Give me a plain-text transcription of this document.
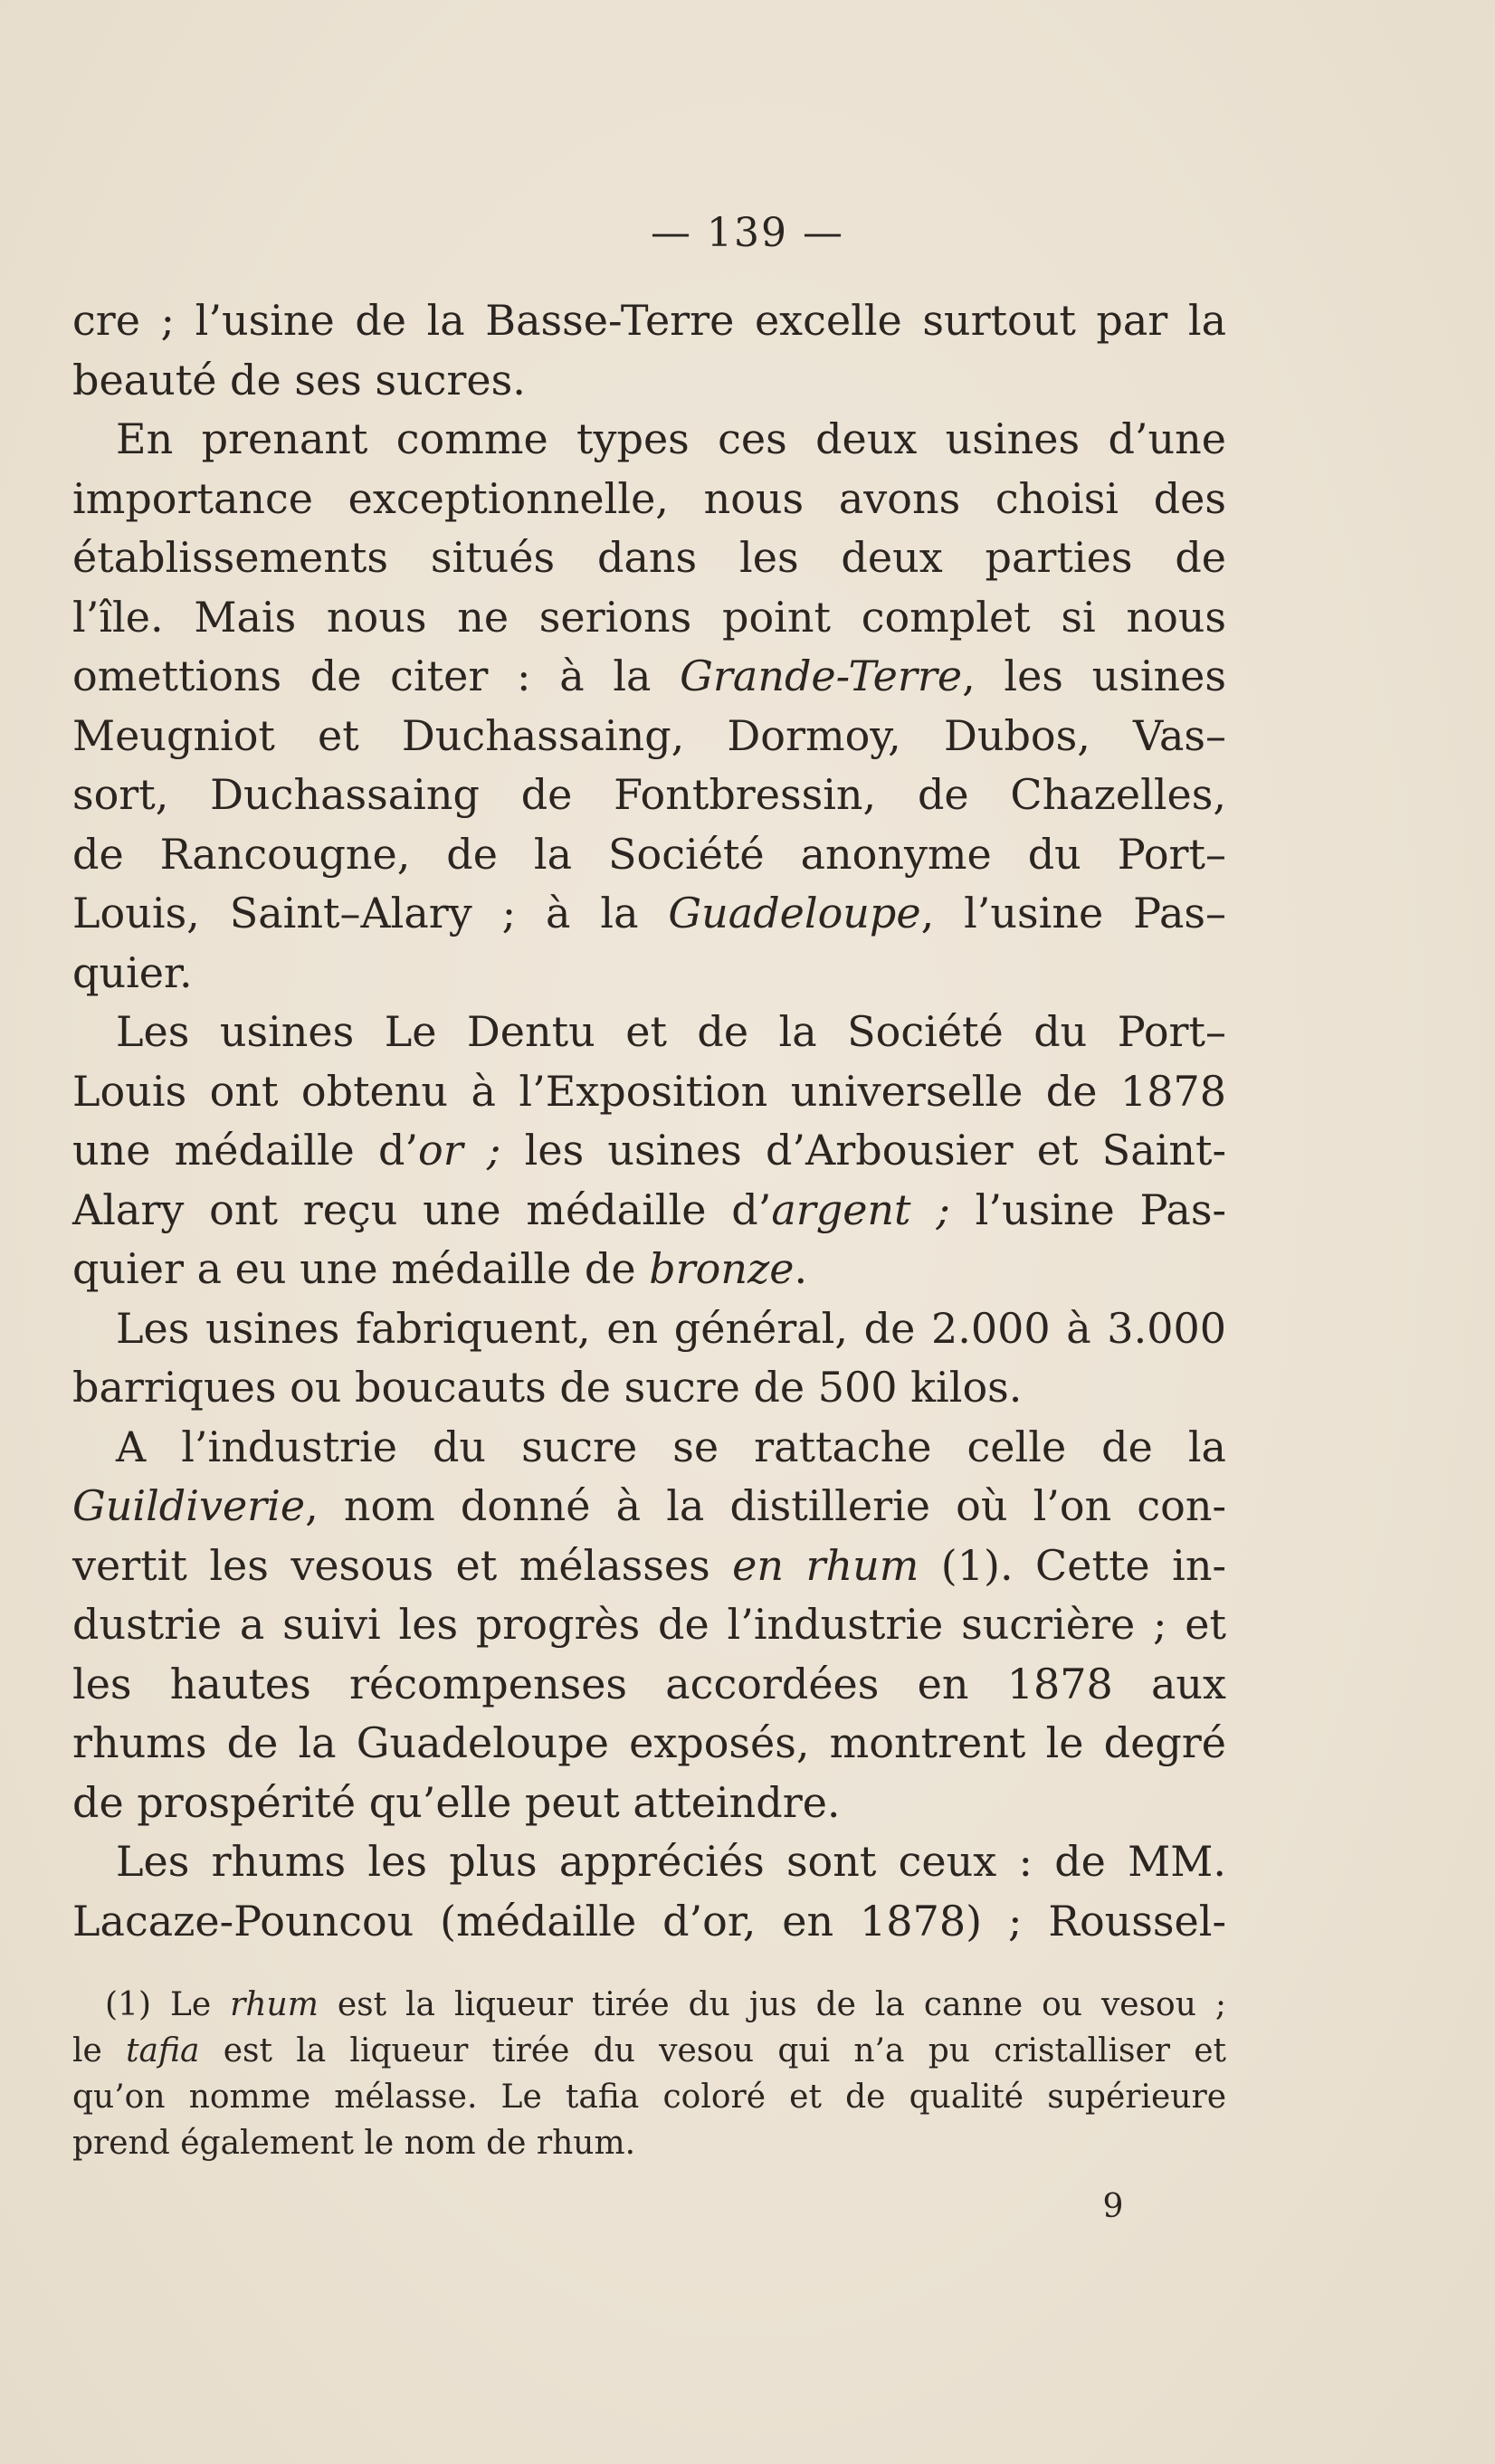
— 139 —
cre ; l’usine de la Basse-Terre excelle surtout par la
beauté de ses sucres.
En prenant comme types ces deux usines d’une
importance exceptionnelle, nous avons choisi des
établissements situés dans les deux parties de
l’île. Mais nous ne serions point complet si nous
omettions de citer : à la Grande-Terre, les usines
Meugniot et Duchassaing, Dormoy, Dubos, Vas–
sort, Duchassaing de Fontbressin, de Chazelles,
de Rancougne, de la Société anonyme du Port–
Louis, Saint–Alary ; à la Guadeloupe, l’usine Pas–
quier.
Les usines Le Dentu et de la Société du Port–
Louis ont obtenu à l’Exposition universelle de 1878
une médaille d’or ; les usines d’Arbousier et Saint-
Alary ont reçu une médaille d’argent ; l’usine Pas-
quier a eu une médaille de bronze.
Les usines fabriquent, en général, de 2.000 à 3.000
barriques ou boucauts de sucre de 500 kilos.
A l’industrie du sucre se rattache celle de la
Guildiverie, nom donné à la distillerie où l’on con-
vertit les vesous et mélasses en rhum (1). Cette in-
dustrie a suivi les progrès de l’industrie sucrière ; et
les hautes récompenses accordées en 1878 aux
rhums de la Guadeloupe exposés, montrent le degré
de prospérité qu’elle peut atteindre.
Les rhums les plus appréciés sont ceux : de MM.
Lacaze-Pouncou (médaille d’or, en 1878) ; Roussel-
(1) Le rhum est la liqueur tirée du jus de la canne ou vesou ;
le tafia est la liqueur tirée du vesou qui n’a pu cristalliser et
qu’on nomme mélasse. Le tafia coloré et de qualité supérieure
prend également le nom de rhum.
9
